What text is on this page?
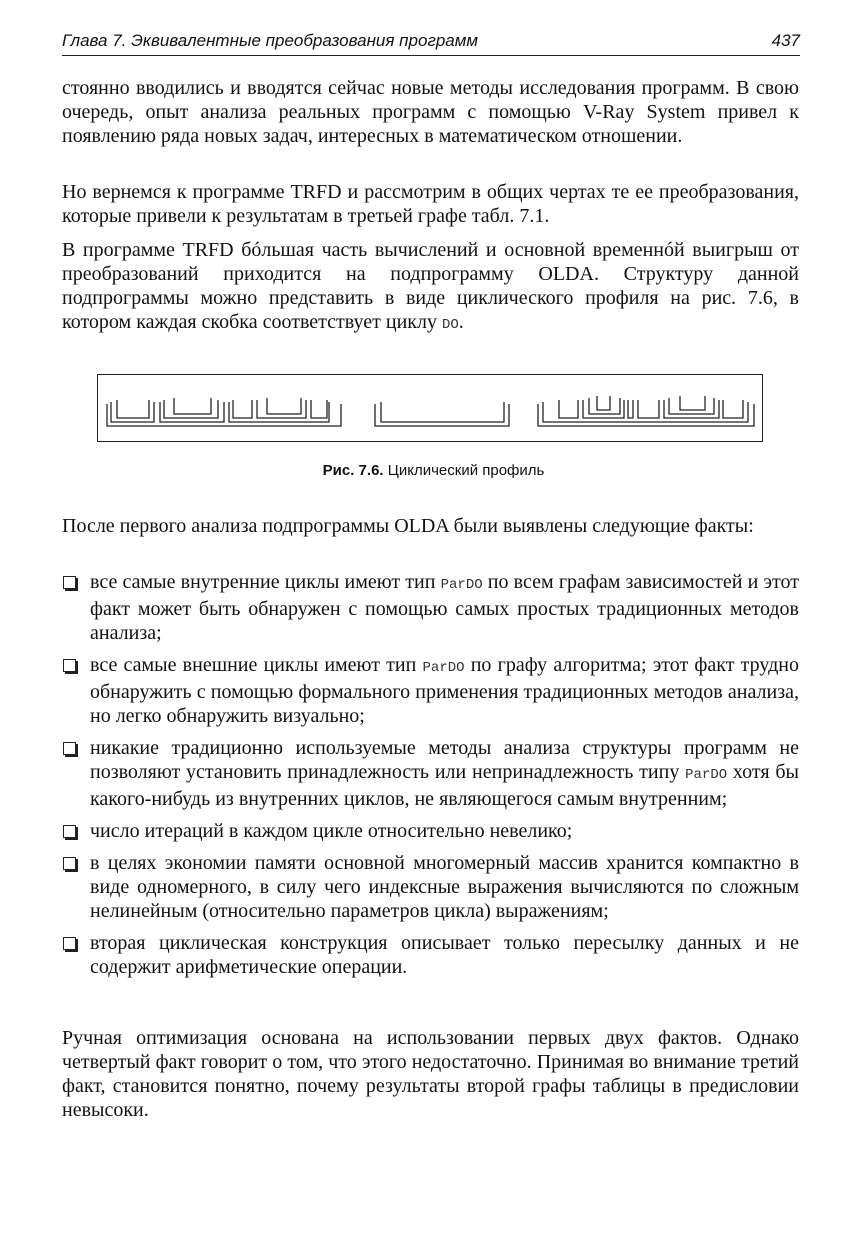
Глава 7. Эквивалентные преобразования программ	437
стоянно вводились и вводятся сейчас новые методы исследования программ. В свою очередь, опыт анализа реальных программ с помощью V-Ray System привел к появлению ряда новых задач, интересных в математическом отношении.
Но вернемся к программе TRFD и рассмотрим в общих чертах те ее преобразования, которые привели к результатам в третьей графе табл. 7.1.
В программе TRFD бóльшая часть вычислений и основной временнóй выигрыш от преобразований приходится на подпрограмму OLDA. Структуру данной подпрограммы можно представить в виде циклического профиля на рис. 7.6, в котором каждая скобка соответствует циклу DO.
Рис. 7.6. Циклический профиль
все самые внутренние циклы имеют тип ParDO по всем графам зависимостей и этот факт может быть обнаружен с помощью самых простых традиционных методов анализа;
все самые внешние циклы имеют тип ParDO по графу алгоритма; этот факт трудно обнаружить с помощью формального применения традиционных методов анализа, но легко обнаружить визуально;
никакие традиционно используемые методы анализа структуры программ не позволяют установить принадлежность или непринадлежность типу ParDO хотя бы какого-нибудь из внутренних циклов, не являющегося самым внутренним;
число итераций в каждом цикле относительно невелико;
в целях экономии памяти основной многомерный массив хранится компактно в виде одномерного, в силу чего индексные выражения вычисляются по сложным нелинейным (относительно параметров цикла) выражениям;
вторая циклическая конструкция описывает только пересылку данных и не содержит арифметические операции.
Ручная оптимизация основана на использовании первых двух фактов. Однако четвертый факт говорит о том, что этого недостаточно. Принимая во внимание третий факт, становится понятно, почему результаты второй графы таблицы в предисловии невысоки.
После первого анализа подпрограммы OLDA были выявлены следующие факты:
